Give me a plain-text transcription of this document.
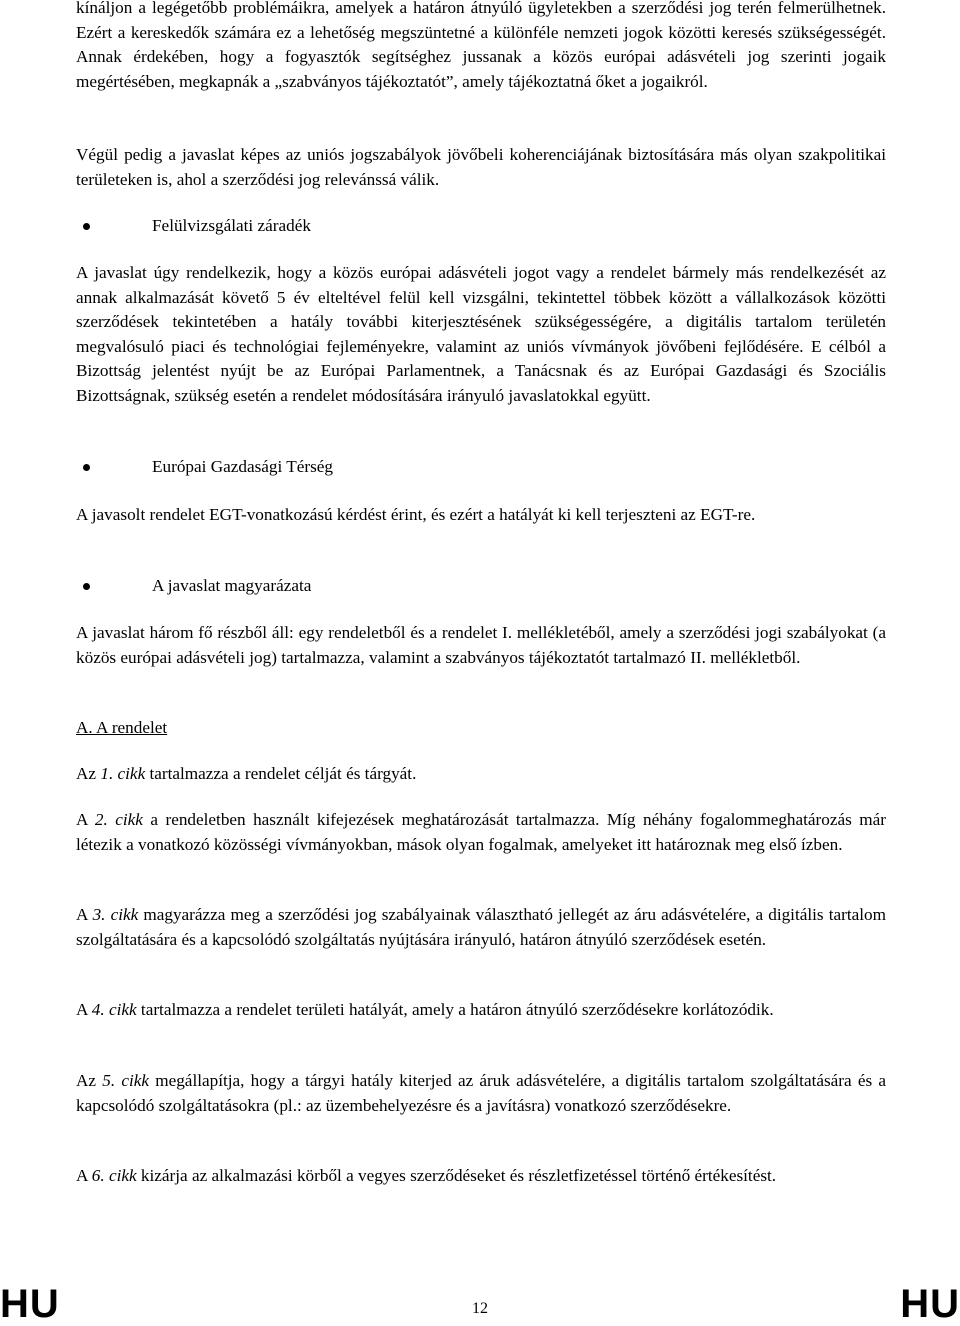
kínáljon a legégetőbb problémáikra, amelyek a határon átnyúló ügyletekben a szerződési jog terén felmerülhetnek. Ezért a kereskedők számára ez a lehetőség megszüntetné a különféle nemzeti jogok közötti keresés szükségességét. Annak érdekében, hogy a fogyasztók segítséghez jussanak a közös európai adásvételi jog szerinti jogaik megértésében, megkapnák a „szabványos tájékoztatót”, amely tájékoztatná őket a jogaikról.

Végül pedig a javaslat képes az uniós jogszabályok jövőbeli koherenciájának biztosítására más olyan szakpolitikai területeken is, ahol a szerződési jog relevánssá válik.

Felülvizsgálati záradék

A javaslat úgy rendelkezik, hogy a közös európai adásvételi jogot vagy a rendelet bármely más rendelkezését az annak alkalmazását követő 5 év elteltével felül kell vizsgálni, tekintettel többek között a vállalkozások közötti szerződések tekintetében a hatály további kiterjesztésének szükségességére, a digitális tartalom területén megvalósuló piaci és technológiai fejleményekre, valamint az uniós vívmányok jövőbeni fejlődésére. E célból a Bizottság jelentést nyújt be az Európai Parlamentnek, a Tanácsnak és az Európai Gazdasági és Szociális Bizottságnak, szükség esetén a rendelet módosítására irányuló javaslatokkal együtt.

Európai Gazdasági Térség

A javasolt rendelet EGT-vonatkozású kérdést érint, és ezért a hatályát ki kell terjeszteni az EGT-re.

A javaslat magyarázata

A javaslat három fő részből áll: egy rendeletből és a rendelet I. mellékletéből, amely a szerződési jogi szabályokat (a közös európai adásvételi jog) tartalmazza, valamint a szabványos tájékoztatót tartalmazó II. mellékletből.

A. A rendelet

Az 1. cikk tartalmazza a rendelet célját és tárgyát.

A 2. cikk a rendeletben használt kifejezések meghatározását tartalmazza. Míg néhány fogalommeghatározás már létezik a vonatkozó közösségi vívmányokban, mások olyan fogalmak, amelyeket itt határoznak meg első ízben.

A 3. cikk magyarázza meg a szerződési jog szabályainak választható jellegét az áru adásvételére, a digitális tartalom szolgáltatására és a kapcsolódó szolgáltatás nyújtására irányuló, határon átnyúló szerződések esetén.

A 4. cikk tartalmazza a rendelet területi hatályát, amely a határon átnyúló szerződésekre korlátozódik.

Az 5. cikk megállapítja, hogy a tárgyi hatály kiterjed az áruk adásvételére, a digitális tartalom szolgáltatására és a kapcsolódó szolgáltatásokra (pl.: az üzembehelyezésre és a javításra) vonatkozó szerződésekre.

A 6. cikk kizárja az alkalmazási körből a vegyes szerződéseket és részletfizetéssel történő értékesítést.

HU	12	HU
